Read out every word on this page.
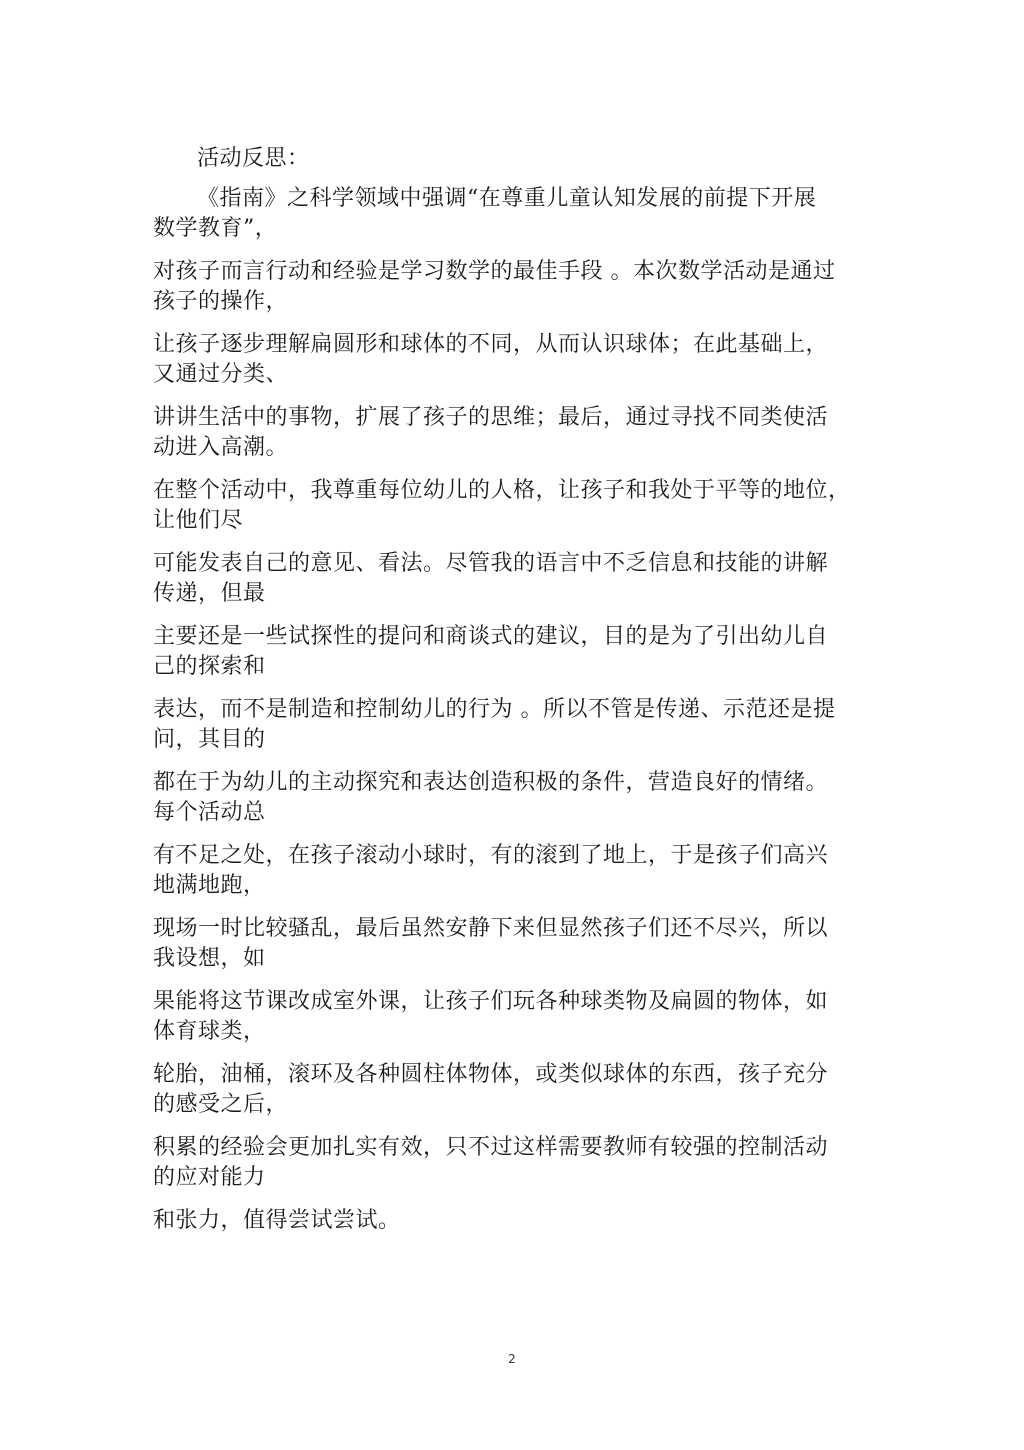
活动反思：
《指南》之科学领域中强调“在尊重儿童认知发展的前提下开展
数学教育”，
对孩子而言行动和经验是学习数学的最佳手段 。本次数学活动是通过
孩子的操作，
让孩子逐步理解扁圆形和球体的不同，从而认识球体；在此基础上，
又通过分类、
讲讲生活中的事物，扩展了孩子的思维；最后，通过寻找不同类使活
动进入高潮。
在整个活动中，我尊重每位幼儿的人格，让孩子和我处于平等的地位，
让他们尽
可能发表自己的意见、看法。尽管我的语言中不乏信息和技能的讲解
传递，但最
主要还是一些试探性的提问和商谈式的建议，目的是为了引出幼儿自
己的探索和
表达，而不是制造和控制幼儿的行为 。所以不管是传递、示范还是提
问，其目的
都在于为幼儿的主动探究和表达创造积极的条件，营造良好的情绪。
每个活动总
有不足之处，在孩子滚动小球时，有的滚到了地上，于是孩子们高兴
地满地跑，
现场一时比较骚乱，最后虽然安静下来但显然孩子们还不尽兴，所以
我设想，如
果能将这节课改成室外课，让孩子们玩各种球类物及扁圆的物体，如
体育球类，
轮胎，油桶，滚环及各种圆柱体物体，或类似球体的东西，孩子充分
的感受之后，
积累的经验会更加扎实有效，只不过这样需要教师有较强的控制活动
的应对能力
和张力，值得尝试尝试。
2
